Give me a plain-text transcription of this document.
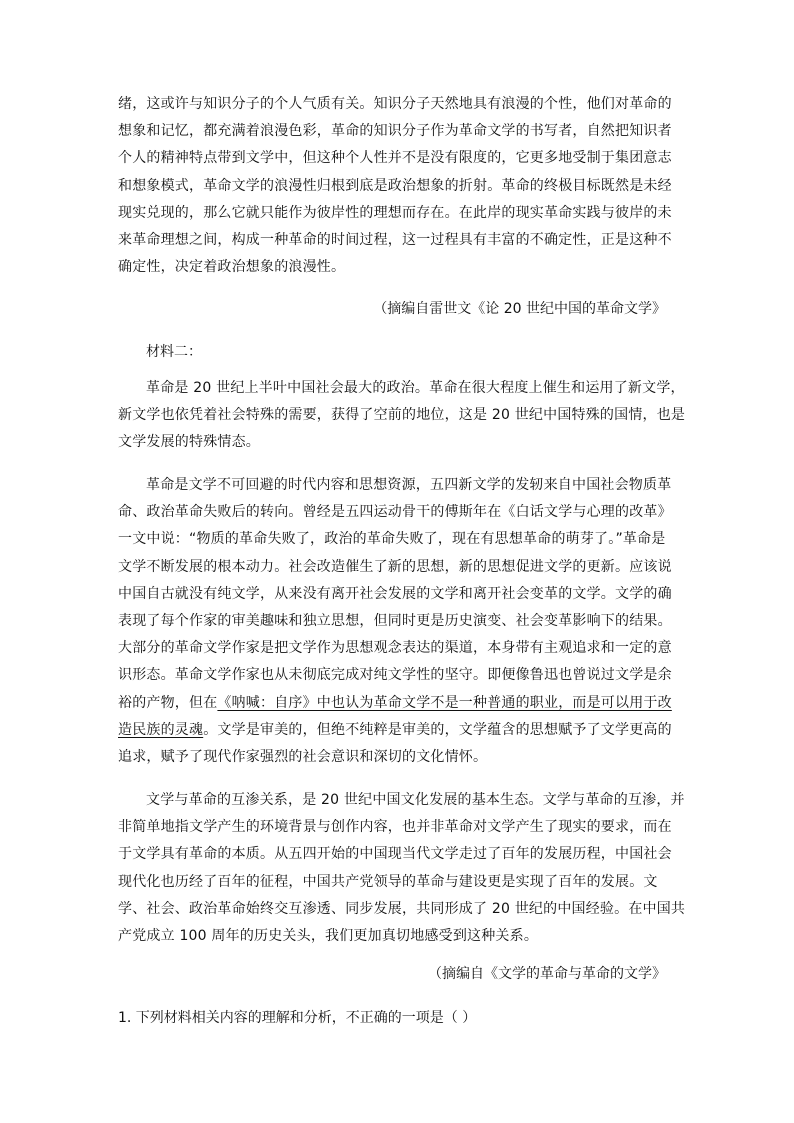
绪，这或许与知识分子的个人气质有关。知识分子天然地具有浪漫的个性，他们对革命的
想象和记忆，都充满着浪漫色彩，革命的知识分子作为革命文学的书写者，自然把知识者
个人的精神特点带到文学中，但这种个人性并不是没有限度的，它更多地受制于集团意志
和想象模式，革命文学的浪漫性归根到底是政治想象的折射。革命的终极目标既然是未经
现实兑现的，那么它就只能作为彼岸性的理想而存在。在此岸的现实革命实践与彼岸的未
来革命理想之间，构成一种革命的时间过程，这一过程具有丰富的不确定性，正是这种不
确定性，决定着政治想象的浪漫性。

（摘编自雷世文《论 20 世纪中国的革命文学》
材料二：

革命是 20 世纪上半叶中国社会最大的政治。革命在很大程度上催生和运用了新文学，
新文学也依凭着社会特殊的需要，获得了空前的地位，这是 20 世纪中国特殊的国情，也是
文学发展的特殊情态。

革命是文学不可回避的时代内容和思想资源，五四新文学的发轫来自中国社会物质革
命、政治革命失败后的转向。曾经是五四运动骨干的傅斯年在《白话文学与心理的改革》
一文中说：“物质的革命失败了，政治的革命失败了，现在有思想革命的萌芽了。”革命是
文学不断发展的根本动力。社会改造催生了新的思想，新的思想促进文学的更新。应该说
中国自古就没有纯文学，从来没有离开社会发展的文学和离开社会变革的文学。文学的确
表现了每个作家的审美趣味和独立思想，但同时更是历史演变、社会变革影响下的结果。
大部分的革命文学作家是把文学作为思想观念表达的渠道，本身带有主观追求和一定的意
识形态。革命文学作家也从未彻底完成对纯文学性的坚守。即便像鲁迅也曾说过文学是余
裕的产物，但在《呐喊：自序》中也认为革命文学不是一种普通的职业，而是可以用于改
造民族的灵魂。文学是审美的，但绝不纯粹是审美的，文学蕴含的思想赋予了文学更高的
追求，赋予了现代作家强烈的社会意识和深切的文化情怀。

文学与革命的互渗关系，是 20 世纪中国文化发展的基本生态。文学与革命的互渗，并
非简单地指文学产生的环境背景与创作内容，也并非革命对文学产生了现实的要求，而在
于文学具有革命的本质。从五四开始的中国现当代文学走过了百年的发展历程，中国社会
现代化也历经了百年的征程，中国共产党领导的革命与建设更是实现了百年的发展。文
学、社会、政治革命始终交互渗透、同步发展，共同形成了 20 世纪的中国经验。在中国共
产党成立 100 周年的历史关头，我们更加真切地感受到这种关系。

（摘编自《文学的革命与革命的文学》
1. 下列材料相关内容的理解和分析，不正确的一项是（ ）
